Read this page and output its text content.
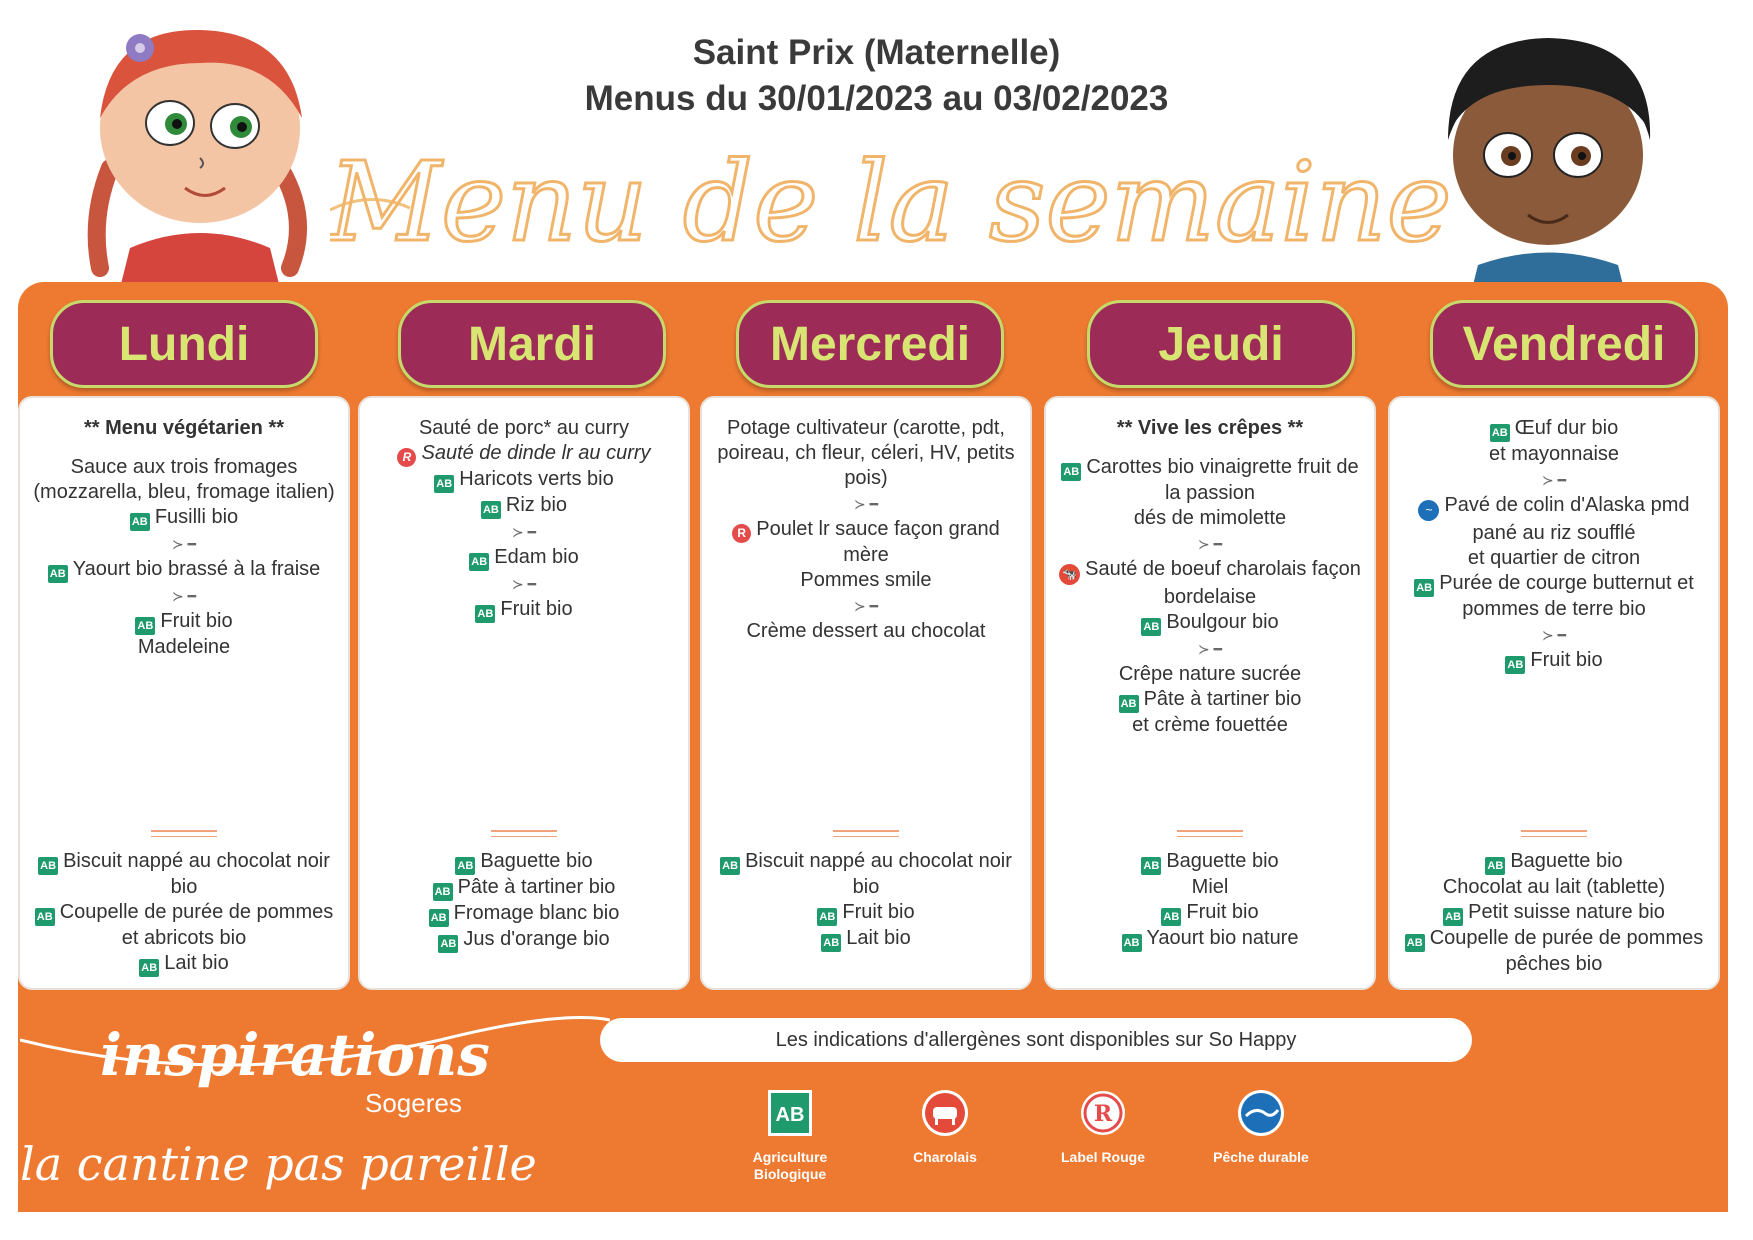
Saint Prix (Maternelle)
Menus du 30/01/2023 au 03/02/2023
Menu de la semaine
Lundi	Mardi	Mercredi	Jeudi	Vendredi
** Menu végétarien **
Sauce aux trois fromages
(mozzarella, bleu, fromage italien)
AB Fusilli bio
≻ ━
AB Yaourt bio brassé à la fraise
≻ ━
AB Fruit bio
Madeleine
AB Biscuit nappé au chocolat noir bio
AB Coupelle de purée de pommes et abricots bio
AB Lait bio
Sauté de porc* au curry
R Sauté de dinde lr au curry
AB Haricots verts bio
AB Riz bio
≻ ━
AB Edam bio
≻ ━
AB Fruit bio
AB Baguette bio
AB Pâte à tartiner bio
AB Fromage blanc bio
AB Jus d'orange bio
Potage cultivateur (carotte, pdt, poireau, ch fleur, céleri, HV, petits pois)
≻ ━
R Poulet lr sauce façon grand mère
Pommes smile
≻ ━
Crème dessert au chocolat
AB Biscuit nappé au chocolat noir bio
AB Fruit bio
AB Lait bio
** Vive les crêpes **
AB Carottes bio vinaigrette fruit de la passion
dés de mimolette
≻ ━
🐄 Sauté de boeuf charolais façon bordelaise
AB Boulgour bio
≻ ━
Crêpe nature sucrée
AB Pâte à tartiner bio
et crème fouettée
AB Baguette bio
Miel
AB Fruit bio
AB Yaourt bio nature
AB Œuf dur bio
et mayonnaise
≻ ━
~ Pavé de colin d'Alaska pmd pané au riz soufflé
et quartier de citron
AB Purée de courge butternut et pommes de terre bio
≻ ━
AB Fruit bio
AB Baguette bio
Chocolat au lait (tablette)
AB Petit suisse nature bio
AB Coupelle de purée de pommes pêches bio
Les indications d'allergènes sont disponibles sur So Happy
inspirations
Sogeres
la cantine pas pareille
AB
Agriculture Biologique
Charolais
R
Label Rouge	Pêche durable
